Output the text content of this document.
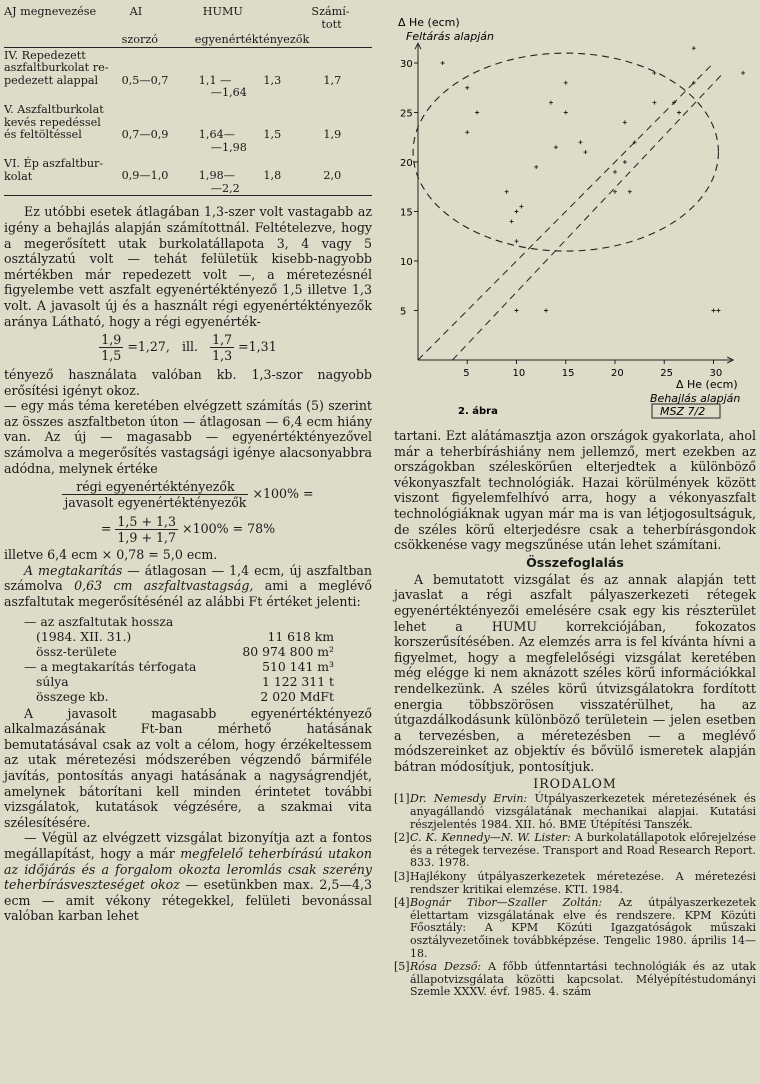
AJ megnevezése	AI	HUMU		Számí-
tott
	szorzó	egyenértéktényezők		

IV. Repedezett
aszfaltburkolat re-
pedezett alappal	0,5—0,7	1,1 —
—1,64	1,3	1,7
V. Aszfaltburkolat
kevés repedéssel
és feltöltéssel	0,7—0,9	1,64—
—1,98	1,5	1,9
VI. Ép aszfaltbur-
kolat	0,9—1,0	1,98—
—2,2	1,8	2,0

Ez utóbbi esetek átlagában 1,3-szer volt vastagabb az igény a behajlás alapján számítottnál. Feltételezve, hogy a megerősített utak burkolatállapota 3, 4 vagy 5 osztályzatú volt — tehát felületük kisebb-nagyobb mértékben már repedezett volt —, a méretezésnél figyelembe vett aszfalt egyenértéktényező 1,5 illetve 1,3 volt. A javasolt új és a használt régi egyenértéktényezők aránya Látható, hogy a régi egyenérték-

$\frac{1,9}{1,5} =1,27$, ill. $\frac{1,7}{1,3} =1,31$

tényező használata valóban kb. 1,3-szor nagyobb erősítési igényt okoz.

— egy más téma keretében elvégzett számítás (5) szerint az összes aszfaltbeton úton — átlagosan — 6,4 ecm hiány van. Az új — magasabb — egyenértéktényezővel számolva a megerősítés vastagsági igénye alacsonyabbra adódna, melynek értéke

$\frac{\text{régi egyenértéktényezők}}{\text{javasolt egyenértéktényezők}} \times 100\%$ =
= $\frac{1,5 + 1,3}{1,9 + 1,7} \times 100\% = 78\%$

illetve 6,4 ecm × 0,78 = 5,0 ecm.

A megtakarítás — átlagosan — 1,4 ecm, új aszfaltban számolva 0,63 cm aszfaltvastagság, ami a meglévő aszfaltutak megerősítésénél az alábbi Ft értéket jelenti:

— az aszfaltutak hossza
(1984. XII. 31.)	11 618 km
össz-területe	80 974 800 m²
— a megtakarítás térfogata	510 141 m³
súlya	1 122 311 t
összege kb.	2 020 MdFt

A javasolt magasabb egyenértéktényező alkalmazásának Ft-ban mérhető hatásának bemutatásával csak az volt a célom, hogy érzékeltessem az utak méretezési módszerében végzendő bármiféle javítás, pontosítás anyagi hatásának a nagyságrendjét, amelynek bátorítani kell minden érintetet további vizsgálatok, kutatások végzésére, a szakmai vita szélesítésére.

— Végül az elvégzett vizsgálat bizonyítja azt a fontos megállapítást, hogy a már megfelelő teherbírású utakon az időjárás és a forgalom okozta leromlás csak szerény teherbírásveszteséget okoz — esetünkben max. 2,5—4,3 ecm — amit vékony rétegekkel, felületi bevonással valóban karban lehet

Δ He (ecm)
Feltárás alapján
Δ He (ecm)
Behajlás alapján
2. ábra	MSZ 7/2
5	10	15	20	25	30
5
10
15
20
25
30

tartani. Ezt alátámasztja azon országok gyakorlata, ahol már a teherbíráshiány nem jellemző, mert ezekben az országokban széleskörűen elterjedtek a különböző vékonyaszfalt technológiák. Hazai körülmények között viszont figyelemfelhívó arra, hogy a vékonyaszfalt technológiáknak ugyan már ma is van létjogosultságuk, de széles körű elterjedésre csak a teherbírásgondok csökkenése vagy megszűnése után lehet számítani.

Összefoglalás

A bemutatott vizsgálat és az annak alapján tett javaslat a régi aszfalt pályaszerkezeti rétegek egyenértéktényezői emelésére csak egy kis részterület lehet a HUMU korrekciójában, fokozatos korszerűsítésében. Az elemzés arra is fel kívánta hívni a figyelmet, hogy a megfelelőségi vizsgálat keretében még elégge ki nem aknázott széles körű információkkal rendelkezünk. A széles körű útvizsgálatokra fordított energia többszörösen visszatérülhet, ha az útgazdálkodásunk különböző területein — jelen esetben a tervezésben, a méretezésben — a meglévő módszereinket az objektív és bővülő ismeretek alapján bátran módosítjuk, pontosítjuk.

IRODALOM
[1] Dr. Nemesdy Ervin: Útpályaszerkezetek méretezésének és anyagállandó vizsgálatának mechanikai alapjai. Kutatási részjelentés 1984. XII. hó. BME Útépítési Tanszék.
[2] C. K. Kennedy—N. W. Lister: A burkolatállapotok előrejelzése és a rétegek tervezése. Transport and Road Research Report. 833. 1978.
[3] Hajlékony útpályaszerkezetek méretezése. A méretezési rendszer kritikai elemzése. KTI. 1984.
[4] Bognár Tibor—Szaller Zoltán: Az útpályaszerkezetek élettartam vizsgálatának elve és rendszere. KPM Közúti Főosztály: A KPM Közúti Igazgatóságok műszaki osztályvezetőinek továbbképzése. Tengelic 1980. április 14—18.
[5] Rósa Dezső: A főbb útfenntartási technológiák és az utak állapotvizsgálata közötti kapcsolat. Mélyépítéstudományi Szemle XXXV. évf. 1985. 4. szám
